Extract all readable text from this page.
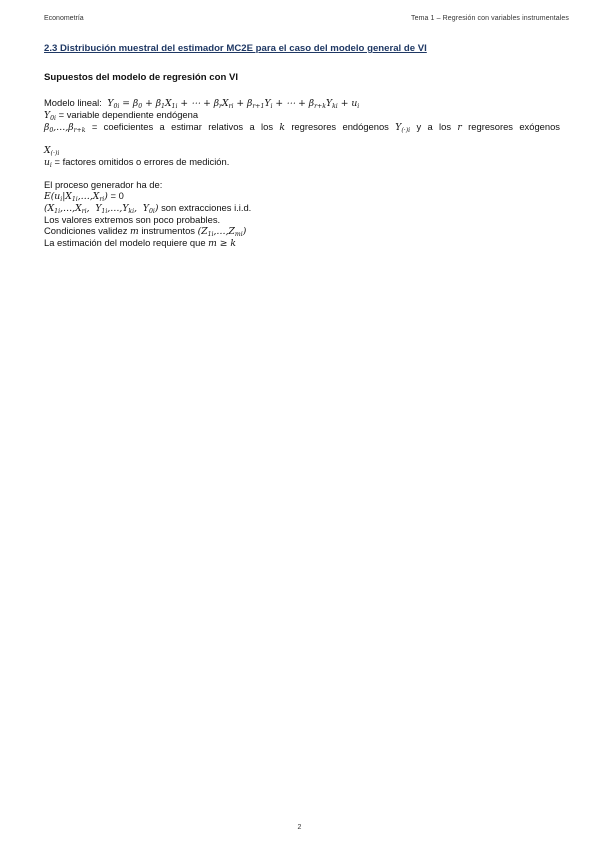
Econometría	Tema 1 – Regresión con variables instrumentales
2.3 Distribución muestral del estimador MC2E para el caso del modelo general de VI
Supuestos del modelo de regresión con VI
Modelo lineal:  $Y_{0i} = \beta_0 + \beta_1X_{1i}$ + ⋯ + $\beta_rX_{ri} + \beta_{r+1}Y_i$ + ⋯ + $\beta_{r+k}Y_{ki} + u_i$
$Y_{0i}$ = variable dependiente endógena
$\beta_0,\dots,\beta_{r+k}$ = coeficientes a estimar relativos a los k regresores endógenos $Y_{(\cdot)i}$ y a los r regresores exógenos
$X_{(\cdot)i}$
$u_i$ = factores omitidos o errores de medición.
El proceso generador ha de:
$E(u_i|X_{1i},\dots,X_{ri}) = 0$
($X_{1i},\dots,X_{ri}$,  $Y_{1i},\dots,Y_{ki}$,  $Y_{0i}$) son extracciones i.i.d.
Los valores extremos son poco probables.
Condiciones validez m instrumentos $(Z_{1i},\dots,Z_{mi})$
La estimación del modelo requiere que m ≥ k
2
